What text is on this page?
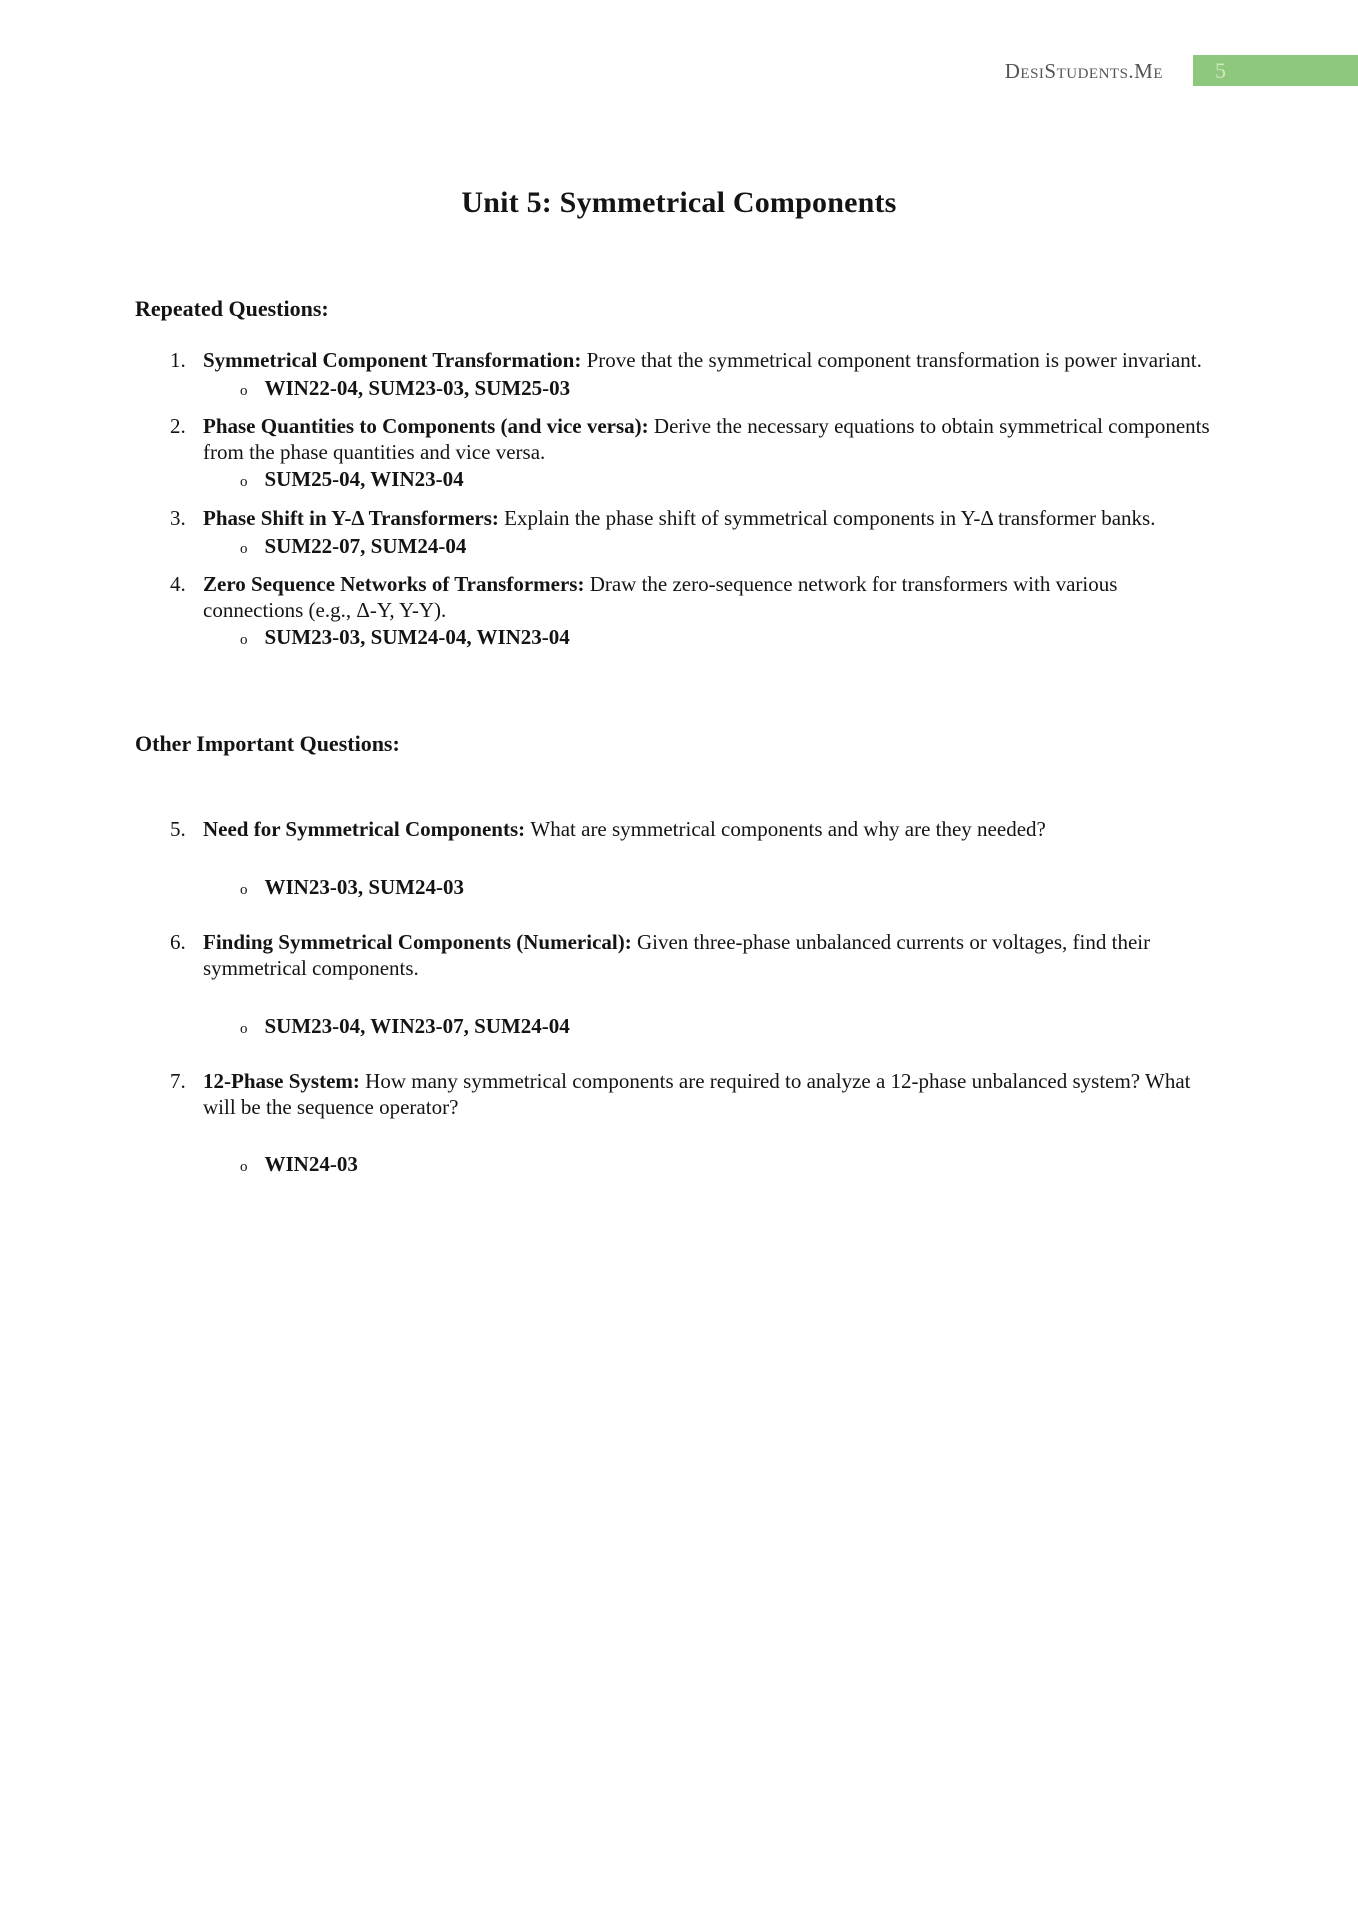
DesiStudents.Me	5
Unit 5: Symmetrical Components
Repeated Questions:
1. Symmetrical Component Transformation: Prove that the symmetrical component transformation is power invariant.

o WIN22-04, SUM23-03, SUM25-03
2. Phase Quantities to Components (and vice versa): Derive the necessary equations to obtain symmetrical components from the phase quantities and vice versa.

o SUM25-04, WIN23-04
3. Phase Shift in Y-Δ Transformers: Explain the phase shift of symmetrical components in Y-Δ transformer banks.

o SUM22-07, SUM24-04
4. Zero Sequence Networks of Transformers: Draw the zero-sequence network for transformers with various connections (e.g., Δ-Y, Y-Y).

o SUM23-03, SUM24-04, WIN23-04
Other Important Questions:
5. Need for Symmetrical Components: What are symmetrical components and why are they needed?

o WIN23-03, SUM24-03
6. Finding Symmetrical Components (Numerical): Given three-phase unbalanced currents or voltages, find their symmetrical components.

o SUM23-04, WIN23-07, SUM24-04
7. 12-Phase System: How many symmetrical components are required to analyze a 12-phase unbalanced system? What will be the sequence operator?

o WIN24-03
